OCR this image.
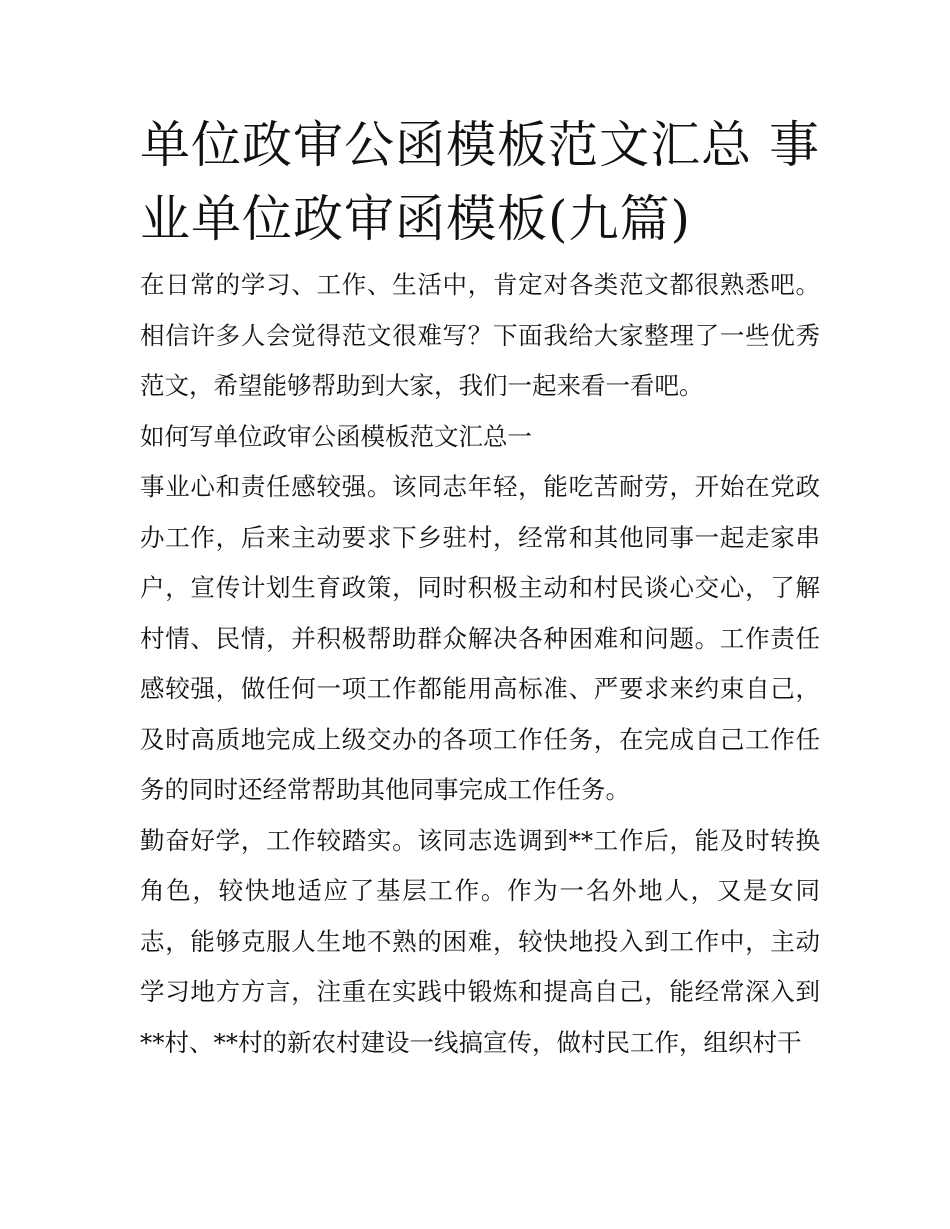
单位政审公函模板范文汇总 事业单位政审函模板(九篇)

在日常的学习、工作、生活中，肯定对各类范文都很熟悉吧。相信许多人会觉得范文很难写？下面我给大家整理了一些优秀范文，希望能够帮助到大家，我们一起来看一看吧。

如何写单位政审公函模板范文汇总一

事业心和责任感较强。该同志年轻，能吃苦耐劳，开始在党政办工作，后来主动要求下乡驻村，经常和其他同事一起走家串户，宣传计划生育政策，同时积极主动和村民谈心交心，了解村情、民情，并积极帮助群众解决各种困难和问题。工作责任感较强，做任何一项工作都能用高标准、严要求来约束自己，及时高质地完成上级交办的各项工作任务，在完成自己工作任务的同时还经常帮助其他同事完成工作任务。

勤奋好学，工作较踏实。该同志选调到**工作后，能及时转换角色，较快地适应了基层工作。作为一名外地人，又是女同志，能够克服人生地不熟的困难，较快地投入到工作中，主动学习地方方言，注重在实践中锻炼和提高自己，能经常深入到**村、**村的新农村建设一线搞宣传，做村民工作，组织村干
